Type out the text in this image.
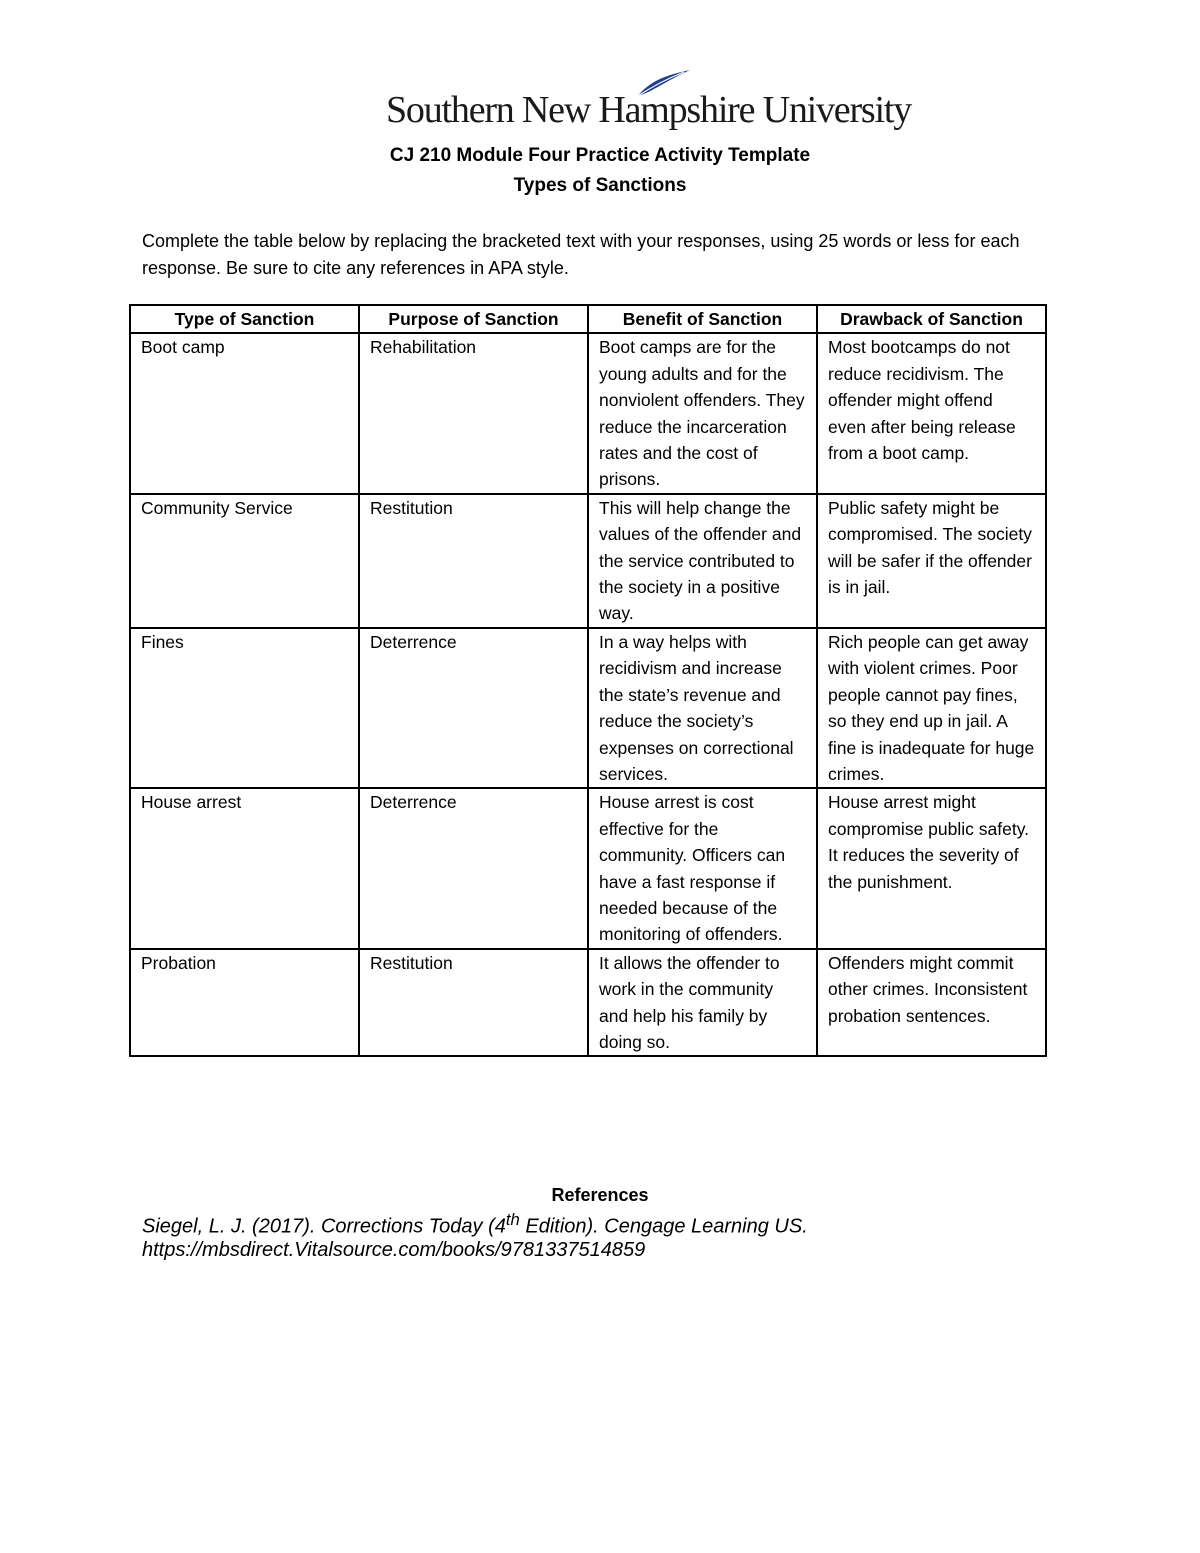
Southern New Hampshire University
CJ 210 Module Four Practice Activity Template
Types of Sanctions
Complete the table below by replacing the bracketed text with your responses, using 25 words or less for each response. Be sure to cite any references in APA style.
Type of Sanction	Purpose of Sanction	Benefit of Sanction	Drawback of Sanction
Boot camp	Rehabilitation	Boot camps are for the young adults and for the nonviolent offenders. They reduce the incarceration rates and the cost of prisons.	Most bootcamps do not reduce recidivism. The offender might offend even after being release from a boot camp.
Community Service	Restitution	This will help change the values of the offender and the service contributed to the society in a positive way.	Public safety might be compromised. The society will be safer if the offender is in jail.
Fines	Deterrence	In a way helps with recidivism and increase the state’s revenue and reduce the society’s expenses on correctional services.	Rich people can get away with violent crimes. Poor people cannot pay fines, so they end up in jail. A fine is inadequate for huge crimes.
House arrest	Deterrence	House arrest is cost effective for the community. Officers can have a fast response if needed because of the monitoring of offenders.	House arrest might compromise public safety. It reduces the severity of the punishment.
Probation	Restitution	It allows the offender to work in the community and help his family by doing so.	Offenders might commit other crimes. Inconsistent probation sentences.
References
Siegel, L. J. (2017). Corrections Today (4th Edition). Cengage Learning US.
https://mbsdirect.Vitalsource.com/books/9781337514859
